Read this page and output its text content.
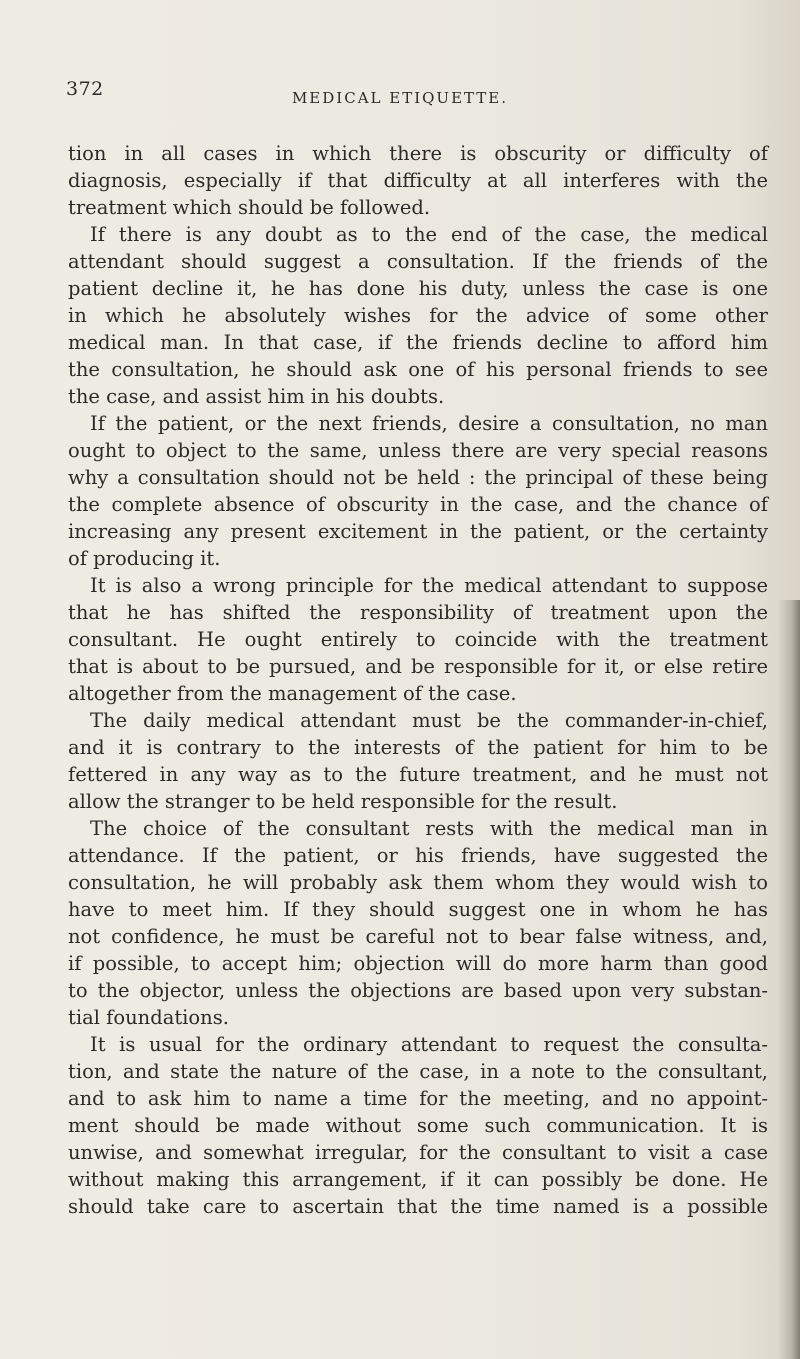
372	MEDICAL ETIQUETTE.
tion in all cases in which there is obscurity or difficulty of
diagnosis, especially if that difficulty at all interferes with the
treatment which should be followed.
If there is any doubt as to the end of the case, the medical
attendant should suggest a consultation. If the friends of the
patient decline it, he has done his duty, unless the case is one
in which he absolutely wishes for the advice of some other
medical man. In that case, if the friends decline to afford him
the consultation, he should ask one of his personal friends to see
the case, and assist him in his doubts.
If the patient, or the next friends, desire a consultation, no man
ought to object to the same, unless there are very special reasons
why a consultation should not be held : the principal of these being
the complete absence of obscurity in the case, and the chance of
increasing any present excitement in the patient, or the certainty
of producing it.
It is also a wrong principle for the medical attendant to suppose
that he has shifted the responsibility of treatment upon the
consultant. He ought entirely to coincide with the treatment
that is about to be pursued, and be responsible for it, or else retire
altogether from the management of the case.
The daily medical attendant must be the commander-in-chief,
and it is contrary to the interests of the patient for him to be
fettered in any way as to the future treatment, and he must not
allow the stranger to be held responsible for the result.
The choice of the consultant rests with the medical man in
attendance. If the patient, or his friends, have suggested the
consultation, he will probably ask them whom they would wish to
have to meet him. If they should suggest one in whom he has
not confidence, he must be careful not to bear false witness, and,
if possible, to accept him; objection will do more harm than good
to the objector, unless the objections are based upon very substan-
tial foundations.
It is usual for the ordinary attendant to request the consulta-
tion, and state the nature of the case, in a note to the consultant,
and to ask him to name a time for the meeting, and no appoint-
ment should be made without some such communication. It is
unwise, and somewhat irregular, for the consultant to visit a case
without making this arrangement, if it can possibly be done. He
should take care to ascertain that the time named is a possible
